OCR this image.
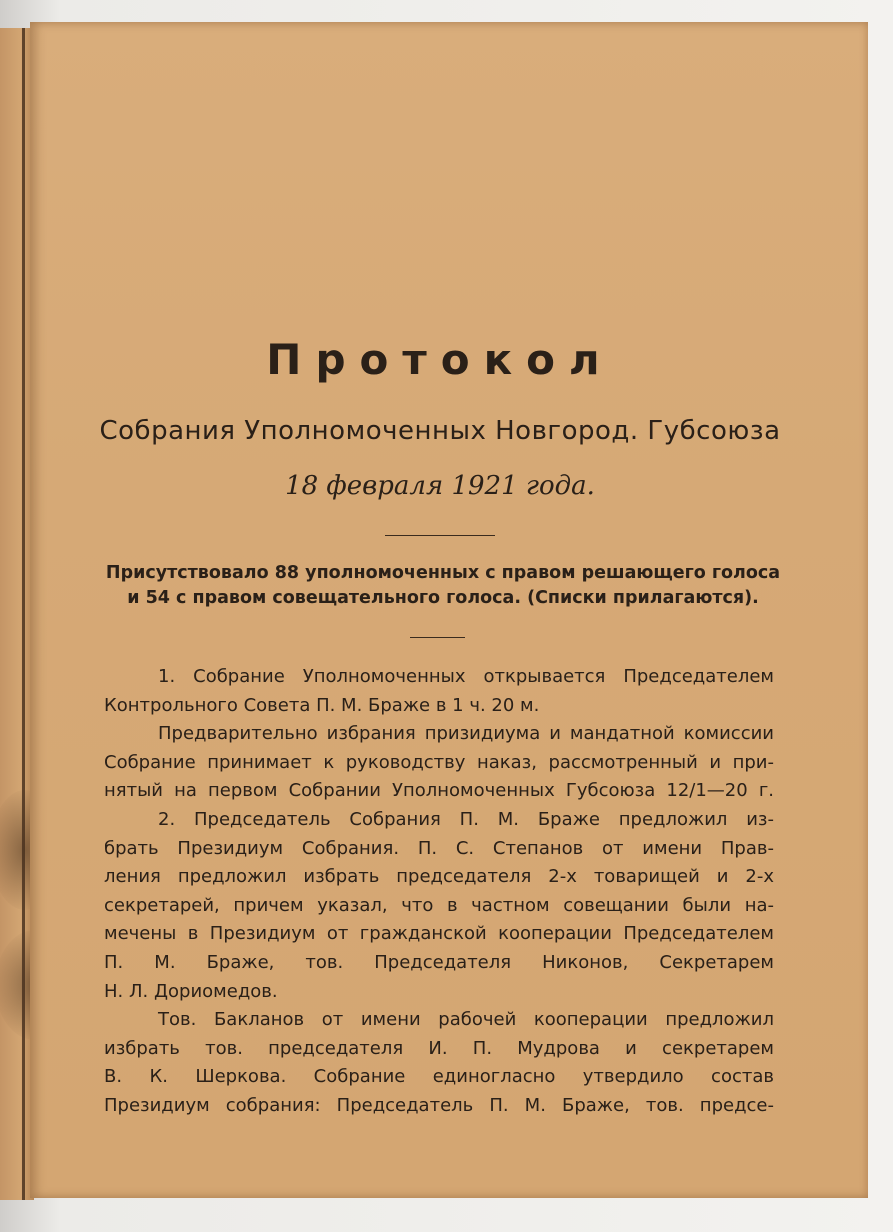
Протокол
Собрания Уполномоченных Новгород. Губсоюза
18 февраля 1921 года.
Присутствовало 88 уполномоченных с правом решающего голоса
и 54 с правом совещательного голоса. (Списки прилагаются).
1. Собрание Уполномоченных открывается Председателем
Контрольного Совета П. М. Браже в 1 ч. 20 м.
Предварительно избрания призидиума и мандатной комиссии
Собрание принимает к руководству наказ, рассмотренный и при-
нятый на первом Собрании Уполномоченных Губсоюза 12/1—20 г.
2. Председатель Собрания П. М. Браже предложил из-
брать Президиум Собрания. П. С. Степанов от имени Прав-
ления предложил избрать председателя 2-х товарищей и 2-х
секретарей, причем указал, что в частном совещании были на-
мечены в Президиум от гражданской кооперации Председателем
П. М. Браже, тов. Председателя Никонов, Секретарем
Н. Л. Дориомедов.
Тов. Бакланов от имени рабочей кооперации предложил
избрать тов. председателя И. П. Мудрова и секретарем
В. К. Шеркова. Собрание единогласно утвердило состав
Президиум собрания: Председатель П. М. Браже, тов. предсе-
